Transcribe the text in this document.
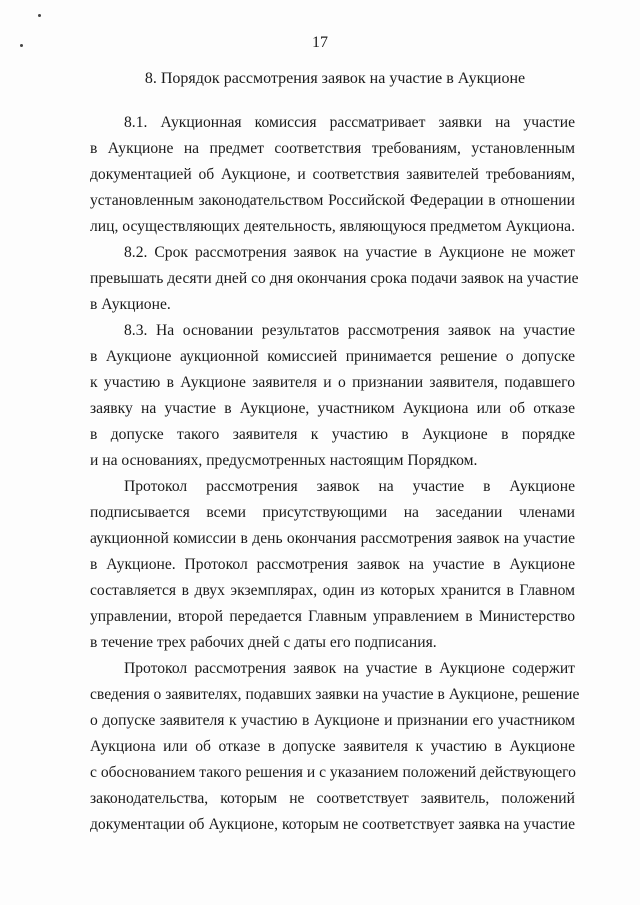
17
8. Порядок рассмотрения заявок на участие в Аукционе
8.1. Аукционная комиссия рассматривает заявки на участие
в Аукционе на предмет соответствия требованиям, установленным
документацией об Аукционе, и соответствия заявителей требованиям,
установленным законодательством Российской Федерации в отношении
лиц, осуществляющих деятельность, являющуюся предметом Аукциона.
8.2. Срок рассмотрения заявок на участие в Аукционе не может
превышать десяти дней со дня окончания срока подачи заявок на участие
в Аукционе.
8.3. На основании результатов рассмотрения заявок на участие
в Аукционе аукционной комиссией принимается решение о допуске
к участию в Аукционе заявителя и о признании заявителя, подавшего
заявку на участие в Аукционе, участником Аукциона или об отказе
в допуске такого заявителя к участию в Аукционе в порядке
и на основаниях, предусмотренных настоящим Порядком.
Протокол рассмотрения заявок на участие в Аукционе
подписывается всеми присутствующими на заседании членами
аукционной комиссии в день окончания рассмотрения заявок на участие
в Аукционе. Протокол рассмотрения заявок на участие в Аукционе
составляется в двух экземплярах, один из которых хранится в Главном
управлении, второй передается Главным управлением в Министерство
в течение трех рабочих дней с даты его подписания.
Протокол рассмотрения заявок на участие в Аукционе содержит
сведения о заявителях, подавших заявки на участие в Аукционе, решение
о допуске заявителя к участию в Аукционе и признании его участником
Аукциона или об отказе в допуске заявителя к участию в Аукционе
с обоснованием такого решения и с указанием положений действующего
законодательства, которым не соответствует заявитель, положений
документации об Аукционе, которым не соответствует заявка на участие
